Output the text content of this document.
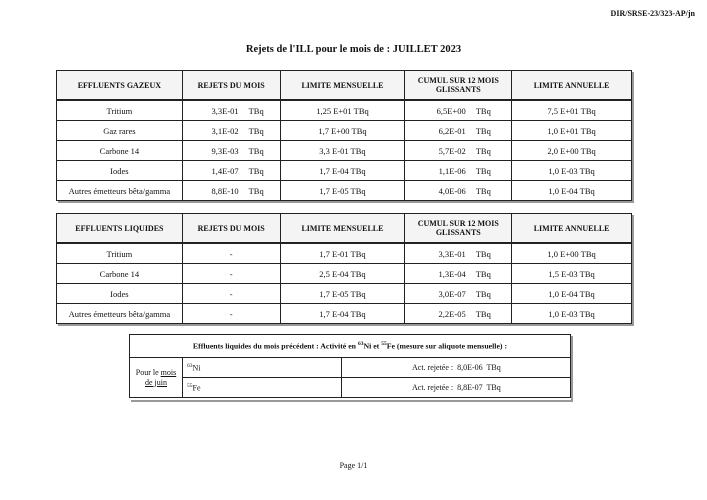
DIR/SRSE-23/323-AP/jn
Rejets de l'ILL pour le mois de : JUILLET 2023
EFFLUENTS GAZEUX	REJETS DU MOIS	LIMITE MENSUELLE	CUMUL SUR 12 MOIS GLISSANTS	LIMITE ANNUELLE
Tritium	3,3E-01 TBq	1,25 E+01 TBq	6,5E+00 TBq	7,5 E+01 TBq
Gaz rares	3,1E-02 TBq	1,7 E+00 TBq	6,2E-01 TBq	1,0 E+01 TBq
Carbone 14	9,3E-03 TBq	3,3 E-01 TBq	5,7E-02 TBq	2,0 E+00 TBq
Iodes	1,4E-07 TBq	1,7 E-04 TBq	1,1E-06 TBq	1,0 E-03 TBq
Autres émetteurs bêta/gamma	8,8E-10 TBq	1,7 E-05 TBq	4,0E-06 TBq	1,0 E-04 TBq
EFFLUENTS LIQUIDES	REJETS DU MOIS	LIMITE MENSUELLE	CUMUL SUR 12 MOIS GLISSANTS	LIMITE ANNUELLE
Tritium	-	1,7 E-01 TBq	3,3E-01 TBq	1,0 E+00 TBq
Carbone 14	-	2,5 E-04 TBq	1,3E-04 TBq	1,5 E-03 TBq
Iodes	-	1,7 E-05 TBq	3,0E-07 TBq	1,0 E-04 TBq
Autres émetteurs bêta/gamma	-	1,7 E-04 TBq	2,2E-05 TBq	1,0 E-03 TBq
Effluents liquides du mois précédent : Activité en $^{63}$Ni et $^{55}$Fe (mesure sur aliquote mensuelle) :		
Pour le mois de juin	$^{63}$Ni	Act. rejetée : 8,0E-06 TBq
	$^{55}$Fe	Act. rejetée : 8,8E-07 TBq
Page 1/1
